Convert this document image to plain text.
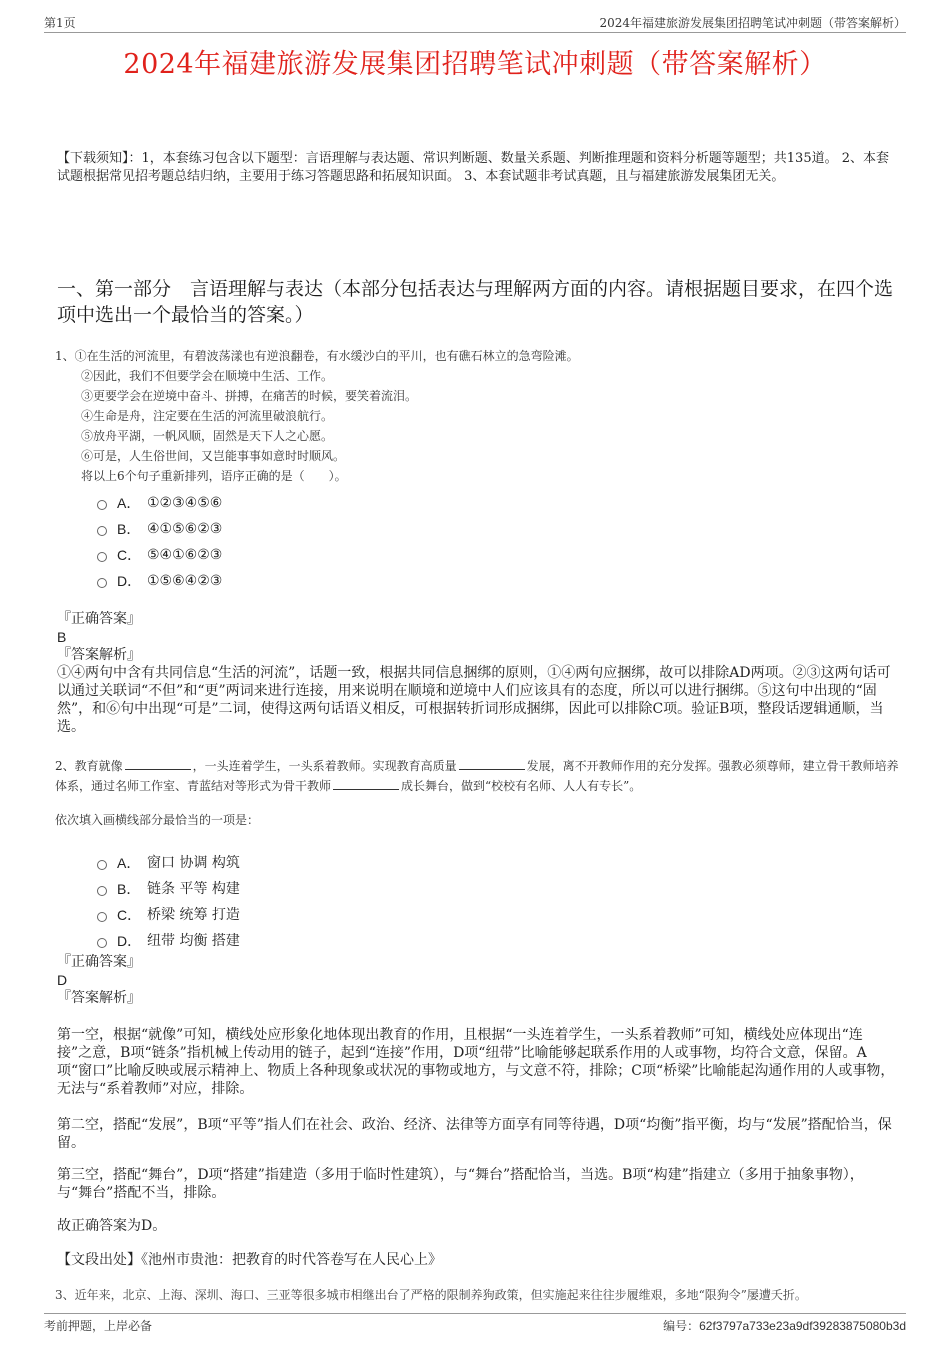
第1页	2024年福建旅游发展集团招聘笔试冲刺题（带答案解析）
2024年福建旅游发展集团招聘笔试冲刺题（带答案解析）
【下载须知】：1，本套练习包含以下题型：言语理解与表达题、常识判断题、数量关系题、判断推理题和资料分析题等题型；共135道。 2、本套试题根据常见招考题总结归纳，主要用于练习答题思路和拓展知识面。 3、本套试题非考试真题，且与福建旅游发展集团无关。
一、第一部分　言语理解与表达（本部分包括表达与理解两方面的内容。请根据题目要求，在四个选项中选出一个最恰当的答案。）
1、①在生活的河流里，有碧波荡漾也有逆浪翻卷，有水缓沙白的平川，也有礁石林立的急弯险滩。
②因此，我们不但要学会在顺境中生活、工作。
③更要学会在逆境中奋斗、拼搏，在痛苦的时候，要笑着流泪。
④生命是舟，注定要在生活的河流里破浪航行。
⑤放舟平湖，一帆风顺，固然是天下人之心愿。
⑥可是，人生俗世间，又岂能事事如意时时顺风。
将以上6个句子重新排列，语序正确的是（　　）。
A． ①②③④⑤⑥
B． ④①⑤⑥②③
C． ⑤④①⑥②③
D． ①⑤⑥④②③
『正确答案』
B
『答案解析』
①④两句中含有共同信息“生活的河流”，话题一致，根据共同信息捆绑的原则，①④两句应捆绑，故可以排除AD两项。②③这两句话可以通过关联词“不但”和“更”两词来进行连接，用来说明在顺境和逆境中人们应该具有的态度，所以可以进行捆绑。⑤这句中出现的“固然”，和⑥句中出现“可是”二词，使得这两句话语义相反，可根据转折词形成捆绑，因此可以排除C项。验证B项，整段话逻辑通顺，当选。
2、教育就像	，一头连着学生，一头系着教师。实现教育高质量	发展，离不开教师作用的充分发挥。强教必须尊师，建立骨干教师培养体系，通过名师工作室、青蓝结对等形式为骨干教师	成长舞台，做到“校校有名师、人人有专长”。
依次填入画横线部分最恰当的一项是：
A． 窗口 协调 构筑
B． 链条 平等 构建
C． 桥梁 统筹 打造
D． 纽带 均衡 搭建
『正确答案』
D
『答案解析』
第一空，根据“就像”可知，横线处应形象化地体现出教育的作用，且根据“一头连着学生，一头系着教师”可知，横线处应体现出“连接”之意，B项“链条”指机械上传动用的链子，起到“连接”作用，D项“纽带”比喻能够起联系作用的人或事物，均符合文意，保留。A项“窗口”比喻反映或展示精神上、物质上各种现象或状况的事物或地方，与文意不符，排除；C项“桥梁”比喻能起沟通作用的人或事物，无法与“系着教师”对应，排除。
第二空，搭配“发展”，B项“平等”指人们在社会、政治、经济、法律等方面享有同等待遇，D项“均衡”指平衡，均与“发展”搭配恰当，保留。
第三空，搭配“舞台”，D项“搭建”指建造（多用于临时性建筑），与“舞台”搭配恰当，当选。B项“构建”指建立（多用于抽象事物），与“舞台”搭配不当，排除。
故正确答案为D。
【文段出处】《池州市贵池：把教育的时代答卷写在人民心上》
3、近年来，北京、上海、深圳、海口、三亚等很多城市相继出台了严格的限制养狗政策，但实施起来往往步履维艰，多地“限狗令”屡遭夭折。
考前押题，上岸必备	编号：62f3797a733e23a9df39283875080b3d
